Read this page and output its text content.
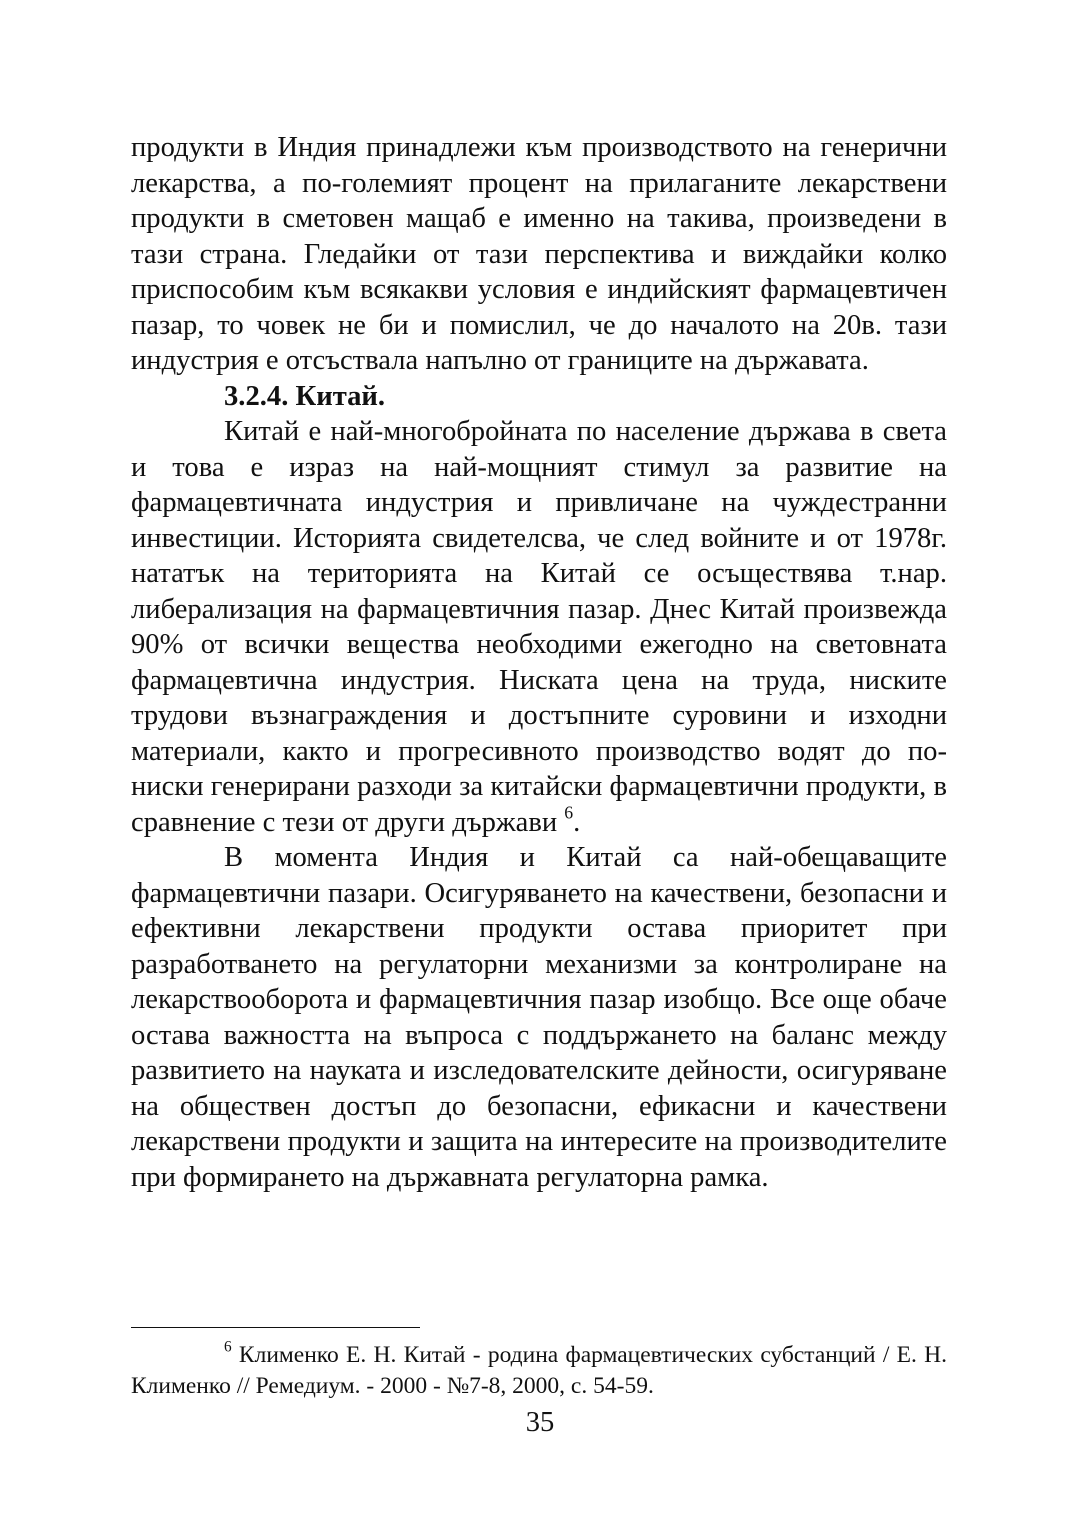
продукти в Индия принадлежи към производството на генерични лекарства, а по-големият процент на прилаганите лекарствени продукти в сметовен мащаб е именно на такива, произведени в тази страна. Гледайки от тази перспектива и виждайки колко приспособим към всякакви условия е индийският фармацевтичен пазар, то човек не би и помислил, че до началото на 20в. тази индустрия е отсъствала напълно от границите на държавата.

3.2.4. Китай.

Китай е най-многобройната по население държава в света и това е израз на най-мощният стимул за развитие на фармацевтичната индустрия и привличане на чуждестранни инвестиции. Историята свидетелсва, че след войните и от 1978г. нататък на територията на Китай се осъществява т.нар. либерализация на фармацевтичния пазар. Днес Китай произвежда 90% от всички вещества необходими ежегодно на световната фармацевтична индустрия. Ниската цена на труда, ниските трудови възнаграждения и достъпните суровини и изходни материали, както и прогресивното производство водят до по-ниски генерирани разходи за китайски фармацевтични продукти, в сравнение с тези от други държави $^6$.

В момента Индия и Китай са най-обещаващите фармацевтични пазари. Осигуряването на качествени, безопасни и ефективни лекарствени продукти остава приоритет при разработването на регулаторни механизми за контролиране на лекарствооборота и фармацевтичния пазар изобщо. Все още обаче остава важността на въпроса с поддържането на баланс между развитието на науката и изследователските дейности, осигуряване на обществен достъп до безопасни, ефикасни и качествени лекарствени продукти и защита на интересите на производителите при формирането на държавната регулаторна рамка.

$^6$ Клименко Е. Н. Китай - родина фармацевтических субстанций / Е. Н. Клименко // Ремедиум. - 2000 - №7-8, 2000, с. 54-59.

35
